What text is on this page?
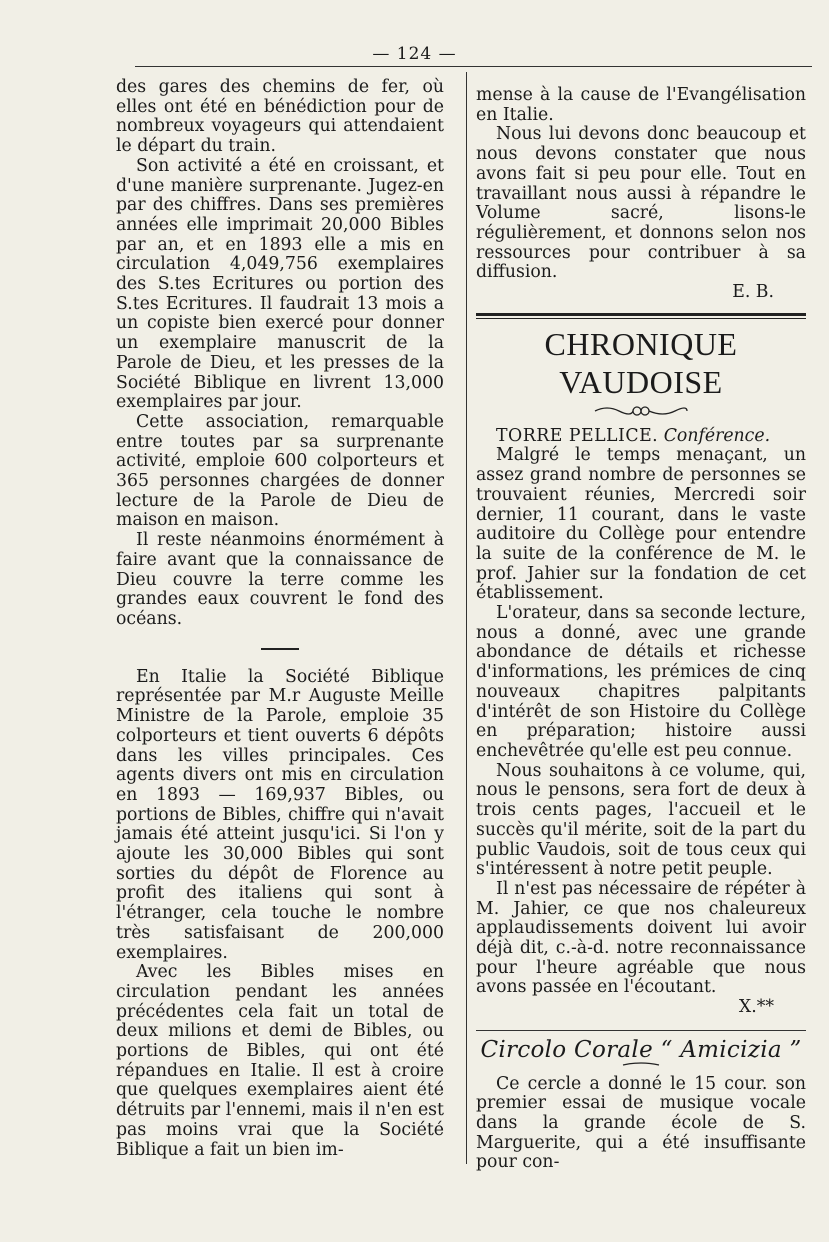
— 124 —

des gares des chemins de fer, où elles ont été en bénédiction pour de nombreux voyageurs qui attendaient le départ du train.

Son activité a été en croissant, et d'une manière surprenante. Jugez-en par des chiffres. Dans ses premières années elle imprimait 20,000 Bibles par an, et en 1893 elle a mis en circulation 4,049,756 exemplaires des S.tes Ecritures ou portion des S.tes Ecritures. Il faudrait 13 mois a un copiste bien exercé pour donner un exemplaire manuscrit de la Parole de Dieu, et les presses de la Société Biblique en livrent 13,000 exemplaires par jour.

Cette association, remarquable entre toutes par sa surprenante activité, emploie 600 colporteurs et 365 personnes chargées de donner lecture de la Parole de Dieu de maison en maison.

Il reste néanmoins énormément à faire avant que la connaissance de Dieu couvre la terre comme les grandes eaux couvrent le fond des océans.

En Italie la Société Biblique représentée par M.r Auguste Meille Ministre de la Parole, emploie 35 colporteurs et tient ouverts 6 dépôts dans les villes principales. Ces agents divers ont mis en circulation en 1893 — 169,937 Bibles, ou portions de Bibles, chiffre qui n'avait jamais été atteint jusqu'ici. Si l'on y ajoute les 30,000 Bibles qui sont sorties du dépôt de Florence au profit des italiens qui sont à l'étranger, cela touche le nombre très satisfaisant de 200,000 exemplaires.

Avec les Bibles mises en circulation pendant les années précédentes cela fait un total de deux milions et demi de Bibles, ou portions de Bibles, qui ont été répandues en Italie. Il est à croire que quelques exemplaires aient été détruits par l'ennemi, mais il n'en est pas moins vrai que la Société Biblique a fait un bien im-

mense à la cause de l'Evangélisation en Italie.

Nous lui devons donc beaucoup et nous devons constater que nous avons fait si peu pour elle. Tout en travaillant nous aussi à répandre le Volume sacré, lisons-le régulièrement, et donnons selon nos ressources pour contribuer à sa diffusion.

E. B.

CHRONIQUE VAUDOISE

TORRE PELLICE. Conférence.

Malgré le temps menaçant, un assez grand nombre de personnes se trouvaient réunies, Mercredi soir dernier, 11 courant, dans le vaste auditoire du Collège pour entendre la suite de la conférence de M. le prof. Jahier sur la fondation de cet établissement.

L'orateur, dans sa seconde lecture, nous a donné, avec une grande abondance de détails et richesse d'informations, les prémices de cinq nouveaux chapitres palpitants d'intérêt de son Histoire du Collège en préparation; histoire aussi enchevêtrée qu'elle est peu connue.

Nous souhaitons à ce volume, qui, nous le pensons, sera fort de deux à trois cents pages, l'accueil et le succès qu'il mérite, soit de la part du public Vaudois, soit de tous ceux qui s'intéressent à notre petit peuple.

Il n'est pas nécessaire de répéter à M. Jahier, ce que nos chaleureux applaudissements doivent lui avoir déjà dit, c.-à-d. notre reconnaissance pour l'heure agréable que nous avons passée en l'écoutant.

X.**

Circolo Corale “ Amicizia ”

Ce cercle a donné le 15 cour. son premier essai de musique vocale dans la grande école de S. Marguerite, qui a été insuffisante pour con-
